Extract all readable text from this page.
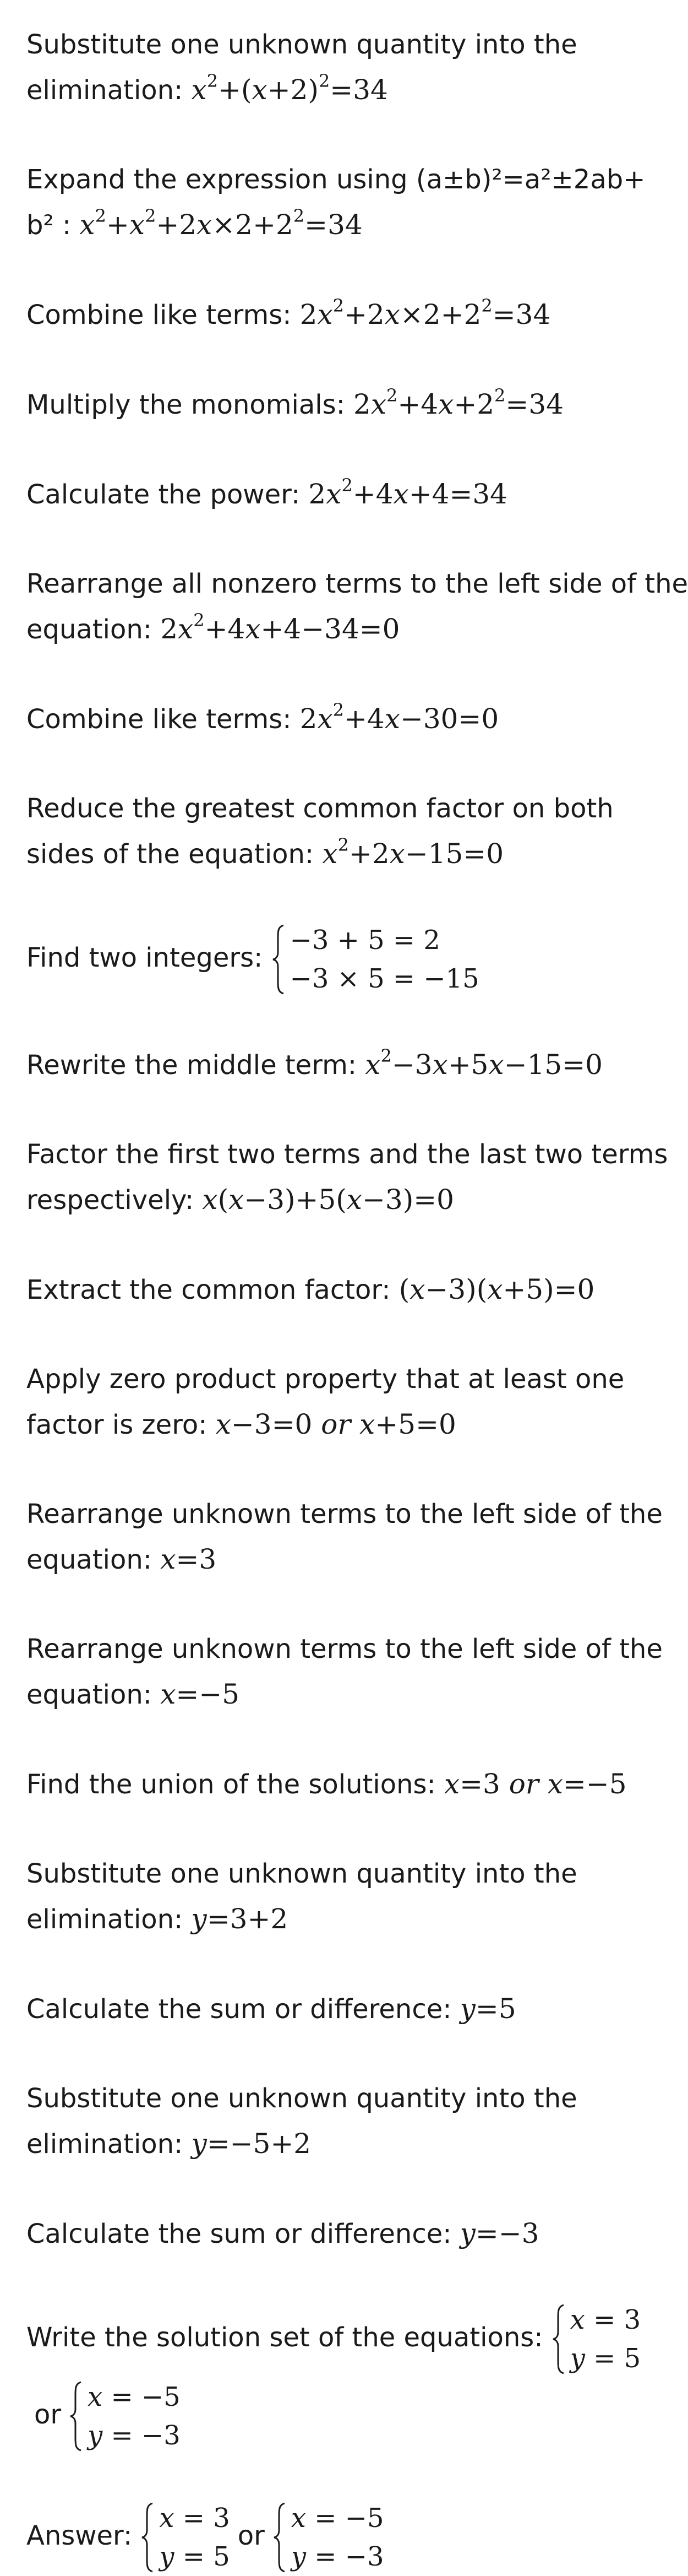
Substitute one unknown quantity into the
elimination: $x^2+(x+2)^2=34$
Expand the expression using (a±b)²=a²±2ab+
b² : $x^2+x^2+2x\times 2+2^2=34$
Combine like terms: $2x^2+2x\times 2+2^2=34$
Multiply the monomials: $2x^2+4x+2^2=34$
Calculate the power: $2x^2+4x+4=34$
Rearrange all nonzero terms to the left side of the
equation: $2x^2+4x+4-34=0$
Combine like terms: $2x^2+4x-30=0$
Reduce the greatest common factor on both
sides of the equation: $x^2+2x-15=0$
Find two integers:
−3 + 5 = 2
−3 × 5 = −15
Rewrite the middle term: $x^2-3x+5x-15=0$
Factor the first two terms and the last two terms
respectively: x(x−3)+5(x−3)=0
Extract the common factor: (x−3)(x+5)=0
Apply zero product property that at least one
factor is zero: x−3=0 or x+5=0
Rearrange unknown terms to the left side of the
equation: x=3
Rearrange unknown terms to the left side of the
equation: x=−5
Find the union of the solutions: x=3 or x=−5
Substitute one unknown quantity into the
elimination: y=3+2
Calculate the sum or difference: y=5
Substitute one unknown quantity into the
elimination: y=−5+2
Calculate the sum or difference: y=−3
Write the solution set of the equations:
x = 3
y = 5

or
x = −5
y = −3
Answer:
x = 3
y = 5
or
x = −5
y = −3
